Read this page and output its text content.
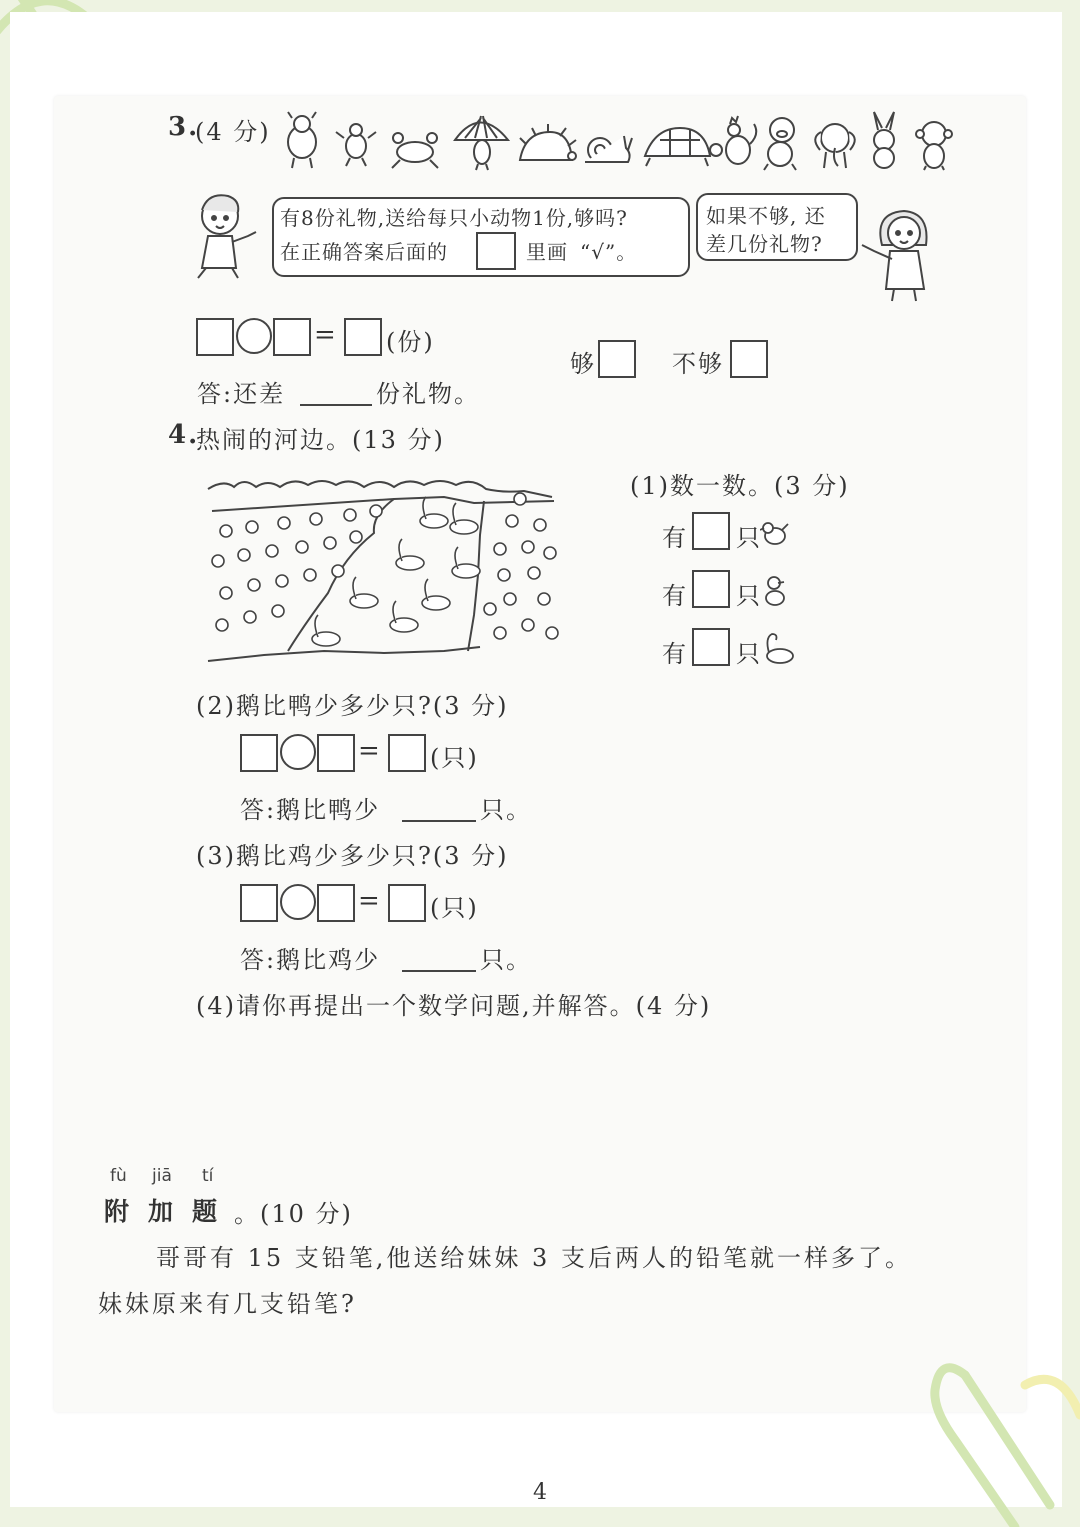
3.
(4 分)
有8份礼物,送给每只小动物1份,够吗?
在正确答案后面的	里画 “√”。
如果不够, 还
差几份礼物?
= (份)
答:还差	份礼物。
够	不够
4.
热闹的河边。(13 分)
(1)数一数。(3 分)
有 只
有 只
有 只
(2)鹅比鸭少多少只?(3 分)
= (只)
答:鹅比鸭少	只。
(3)鹅比鸡少多少只?(3 分)
= (只)
答:鹅比鸡少	只。
(4)请你再提出一个数学问题,并解答。(4 分)
fù jiā tí
附 加 题 。(10 分)
哥哥有 15 支铅笔,他送给妹妹 3 支后两人的铅笔就一样多了。
妹妹原来有几支铅笔?
4
